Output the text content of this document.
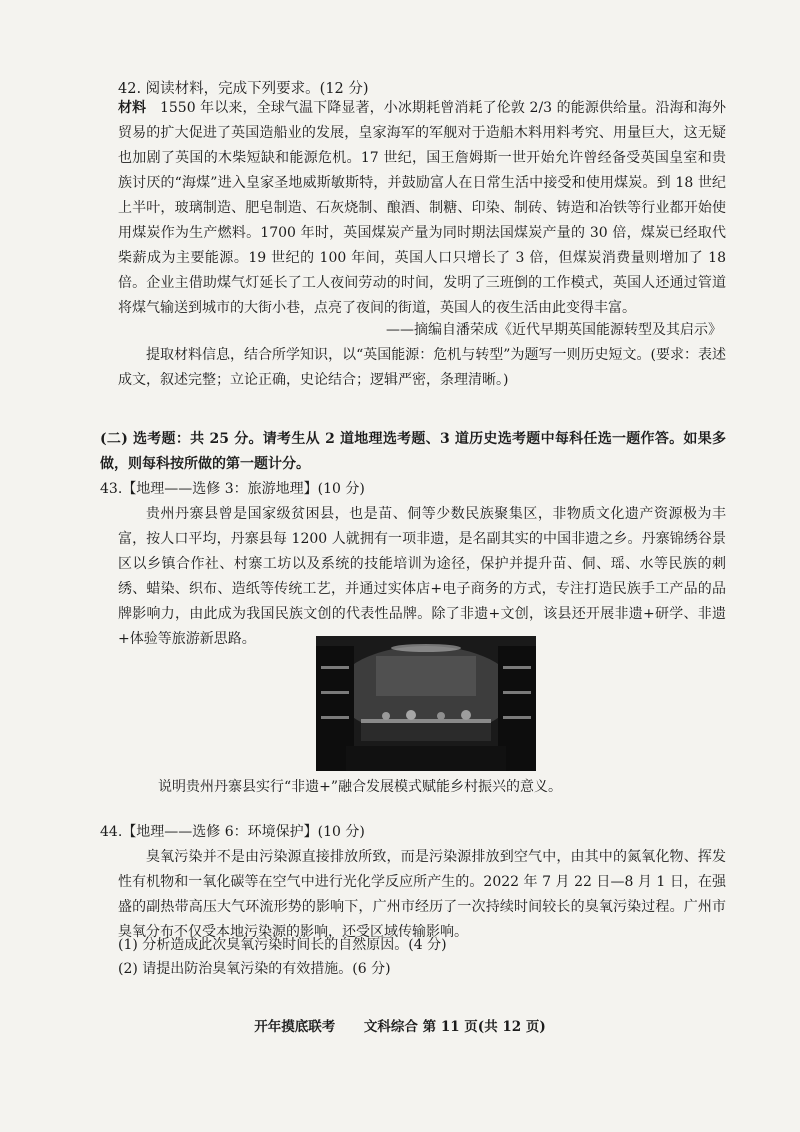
42. 阅读材料，完成下列要求。(12 分)
材料 1550 年以来，全球气温下降显著，小冰期耗曾消耗了伦敦 2/3 的能源供给量。沿海和海外贸易的扩大促进了英国造船业的发展，皇家海军的军舰对于造船木料用料考究、用量巨大，这无疑也加剧了英国的木柴短缺和能源危机。17 世纪，国王詹姆斯一世开始允许曾经备受英国皇室和贵族讨厌的“海煤”进入皇家圣地威斯敏斯特，并鼓励富人在日常生活中接受和使用煤炭。到 18 世纪上半叶，玻璃制造、肥皂制造、石灰烧制、酿酒、制糖、印染、制砖、铸造和冶铁等行业都开始使用煤炭作为生产燃料。1700 年时，英国煤炭产量为同时期法国煤炭产量的 30 倍，煤炭已经取代柴薪成为主要能源。19 世纪的 100 年间，英国人口只增长了 3 倍，但煤炭消费量则增加了 18 倍。企业主借助煤气灯延长了工人夜间劳动的时间，发明了三班倒的工作模式，英国人还通过管道将煤气输送到城市的大街小巷，点亮了夜间的街道，英国人的夜生活由此变得丰富。
——摘编自潘荣成《近代早期英国能源转型及其启示》
提取材料信息，结合所学知识，以“英国能源：危机与转型”为题写一则历史短文。(要求：表述成文，叙述完整；立论正确，史论结合；逻辑严密，条理清晰。)
(二) 选考题：共 25 分。请考生从 2 道地理选考题、3 道历史选考题中每科任选一题作答。如果多做，则每科按所做的第一题计分。
43.【地理——选修 3：旅游地理】(10 分)
贵州丹寨县曾是国家级贫困县，也是苗、侗等少数民族聚集区，非物质文化遗产资源极为丰富，按人口平均，丹寨县每 1200 人就拥有一项非遗，是名副其实的中国非遗之乡。丹寨锦绣谷景区以乡镇合作社、村寨工坊以及系统的技能培训为途径，保护并提升苗、侗、瑶、水等民族的刺绣、蜡染、织布、造纸等传统工艺，并通过实体店+电子商务的方式，专注打造民族手工产品的品牌影响力，由此成为我国民族文创的代表性品牌。除了非遗+文创，该县还开展非遗+研学、非遗+体验等旅游新思路。
说明贵州丹寨县实行“非遗+”融合发展模式赋能乡村振兴的意义。
44.【地理——选修 6：环境保护】(10 分)
臭氧污染并不是由污染源直接排放所致，而是污染源排放到空气中，由其中的氮氧化物、挥发性有机物和一氧化碳等在空气中进行光化学反应所产生的。2022 年 7 月 22 日—8 月 1 日，在强盛的副热带高压大气环流形势的影响下，广州市经历了一次持续时间较长的臭氧污染过程。广州市臭氧分布不仅受本地污染源的影响，还受区域传输影响。
(1) 分析造成此次臭氧污染时间长的自然原因。(4 分)
(2) 请提出防治臭氧污染的有效措施。(6 分)
开年摸底联考 文科综合 第 11 页(共 12 页)
